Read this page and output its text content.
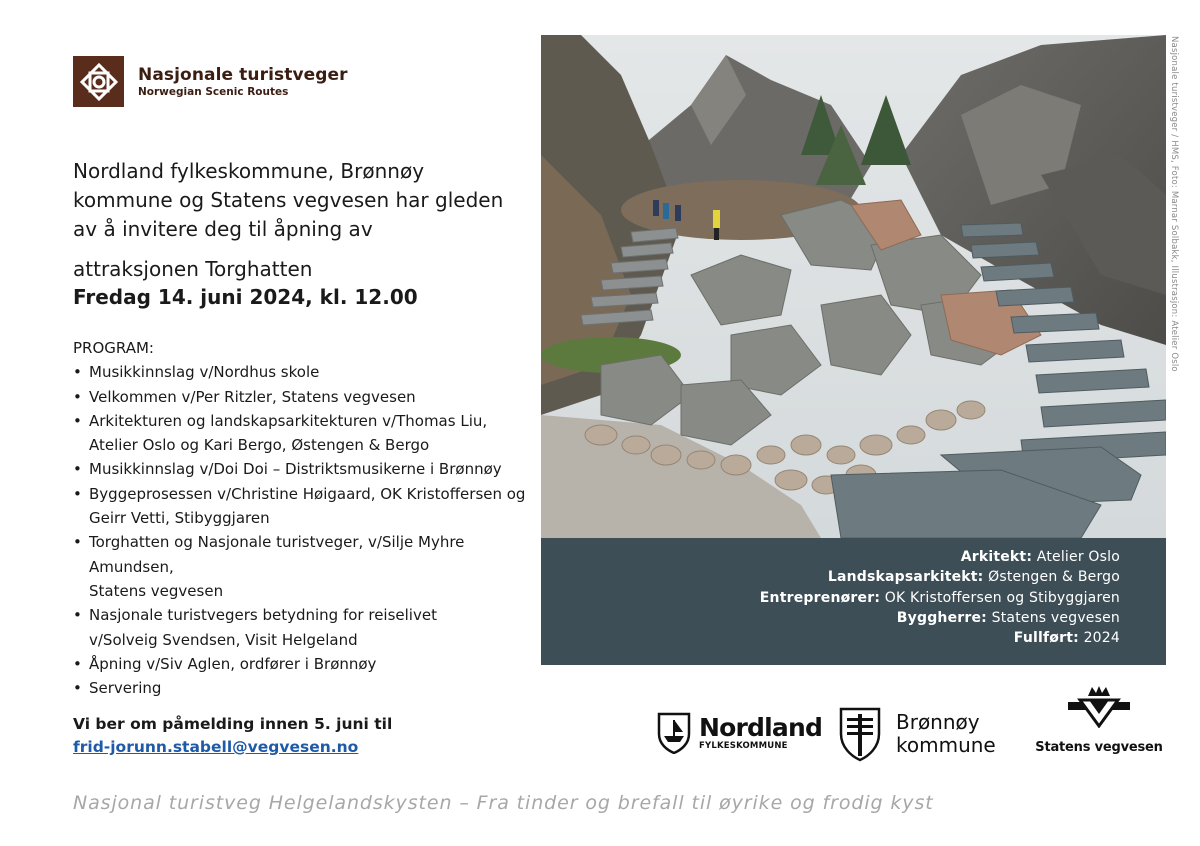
Nasjonale turistveger
Norwegian Scenic Routes
Nordland fylkeskommune, Brønnøy kommune og Statens vegvesen har gleden av å invitere deg til åpning av
attraksjonen Torghatten
Fredag 14. juni 2024, kl. 12.00
PROGRAM:
• Musikkinnslag v/Nordhus skole
• Velkommen v/Per Ritzler, Statens vegvesen
• Arkitekturen og landskapsarkitekturen v/Thomas Liu,
Atelier Oslo og Kari Bergo, Østengen & Bergo
• Musikkinnslag v/Doi Doi – Distriktsmusikerne i Brønnøy
• Byggeprosessen v/Christine Høigaard, OK Kristoffersen og
Geirr Vetti, Stibyggjaren
• Torghatten og Nasjonale turistveger, v/Silje Myhre Amundsen,
Statens vegvesen
• Nasjonale turistvegers betydning for reiselivet
v/Solveig Svendsen, Visit Helgeland
• Åpning v/Siv Aglen, ordfører i Brønnøy
• Servering
Vi ber om påmelding innen 5. juni til
frid-jorunn.stabell@vegvesen.no
Nasjonale turistveger / HMS, Foto: Marnar Solbakk, Illustrasjon: Atelier Oslo
Arkitekt: Atelier Oslo
Landskapsarkitekt: Østengen & Bergo
Entreprenører: OK Kristoffersen og Stibyggjaren
Byggherre: Statens vegvesen
Fullført: 2024
Nordland
FYLKESKOMMUNE
Brønnøy
kommune	Statens vegvesen
Nasjonal turistveg Helgelandskysten – Fra tinder og brefall til øyrike og frodig kyst
